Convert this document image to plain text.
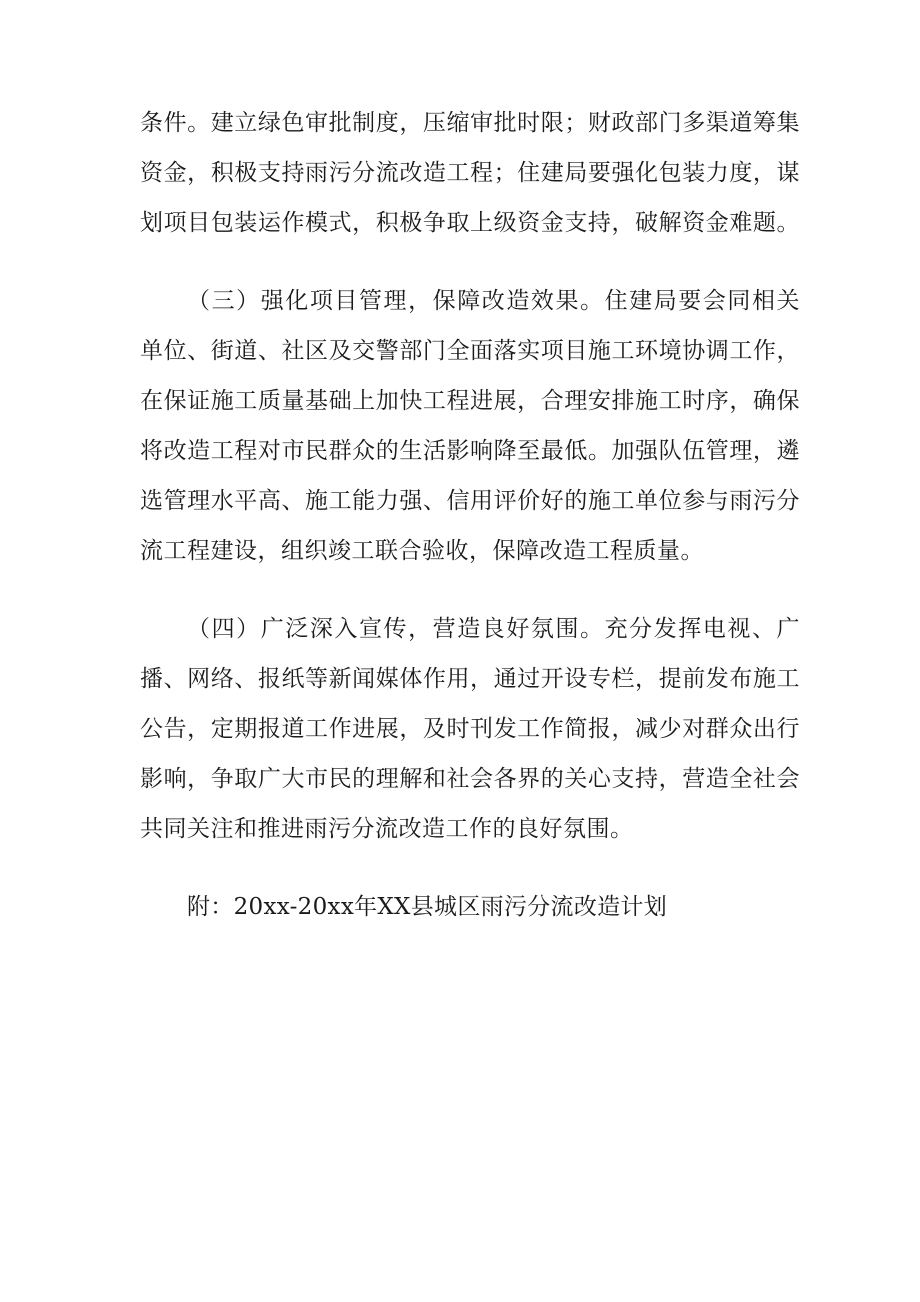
条件。建立绿色审批制度，压缩审批时限；财政部门多渠道筹集
资金，积极支持雨污分流改造工程；住建局要强化包装力度，谋
划项目包装运作模式，积极争取上级资金支持，破解资金难题。
（三）强化项目管理，保障改造效果。住建局要会同相关
单位、街道、社区及交警部门全面落实项目施工环境协调工作，
在保证施工质量基础上加快工程进展，合理安排施工时序，确保
将改造工程对市民群众的生活影响降至最低。加强队伍管理，遴
选管理水平高、施工能力强、信用评价好的施工单位参与雨污分
流工程建设，组织竣工联合验收，保障改造工程质量。
（四）广泛深入宣传，营造良好氛围。充分发挥电视、广
播、网络、报纸等新闻媒体作用，通过开设专栏，提前发布施工
公告，定期报道工作进展，及时刊发工作简报，减少对群众出行
影响，争取广大市民的理解和社会各界的关心支持，营造全社会
共同关注和推进雨污分流改造工作的良好氛围。
附：20xx-20xx年XX县城区雨污分流改造计划
